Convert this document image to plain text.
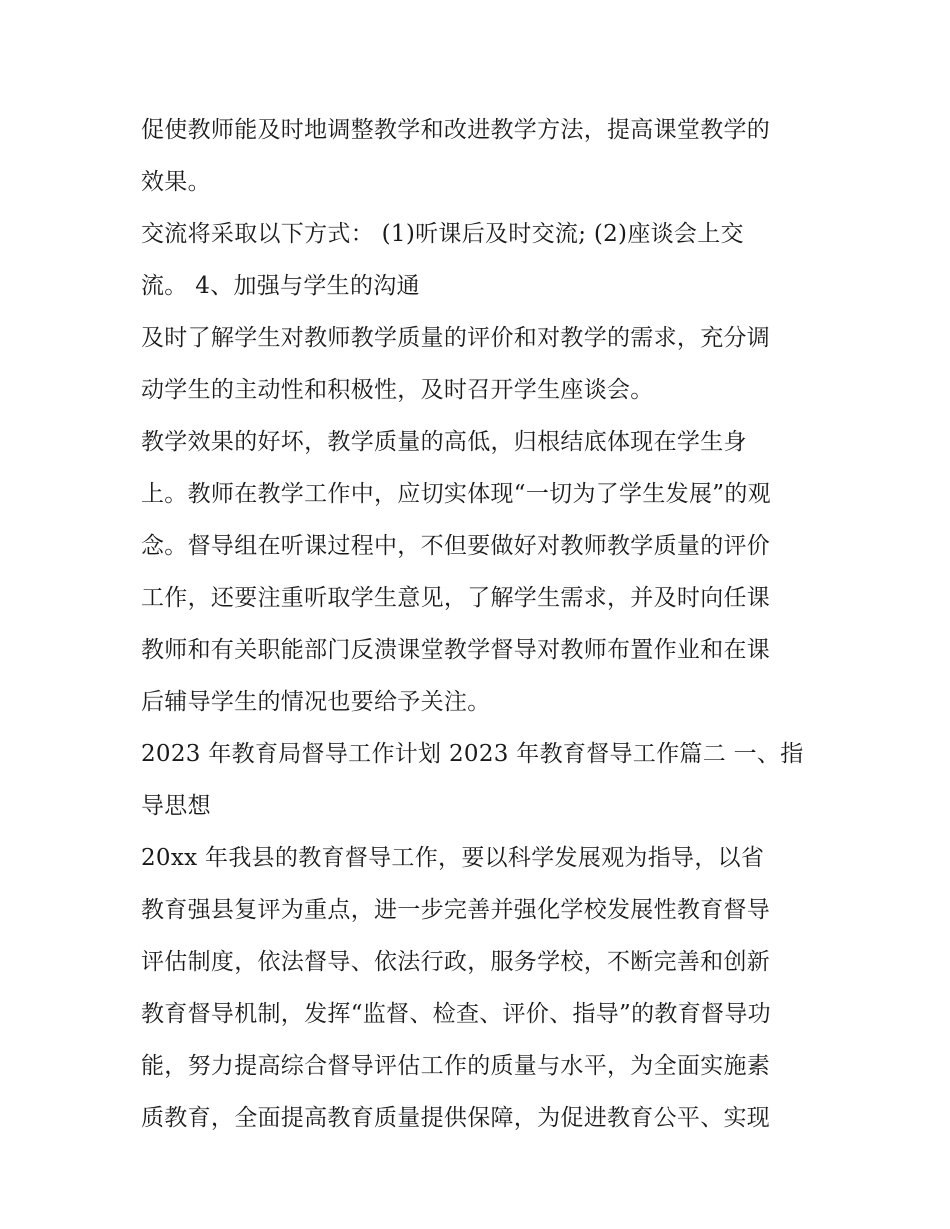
促使教师能及时地调整教学和改进教学方法，提高课堂教学的
效果。
交流将采取以下方式： (1)听课后及时交流; (2)座谈会上交
流。 4、加强与学生的沟通
及时了解学生对教师教学质量的评价和对教学的需求，充分调
动学生的主动性和积极性，及时召开学生座谈会。
教学效果的好坏，教学质量的高低，归根结底体现在学生身
上。教师在教学工作中，应切实体现“一切为了学生发展”的观
念。督导组在听课过程中，不但要做好对教师教学质量的评价
工作，还要注重听取学生意见，了解学生需求，并及时向任课
教师和有关职能部门反溃课堂教学督导对教师布置作业和在课
后辅导学生的情况也要给予关注。
2023 年教育局督导工作计划 2023 年教育督导工作篇二 一、指
导思想
20xx 年我县的教育督导工作，要以科学发展观为指导，以省
教育强县复评为重点，进一步完善并强化学校发展性教育督导
评估制度，依法督导、依法行政，服务学校，不断完善和创新
教育督导机制，发挥“监督、检查、评价、指导”的教育督导功
能，努力提高综合督导评估工作的质量与水平，为全面实施素
质教育，全面提高教育质量提供保障，为促进教育公平、实现
